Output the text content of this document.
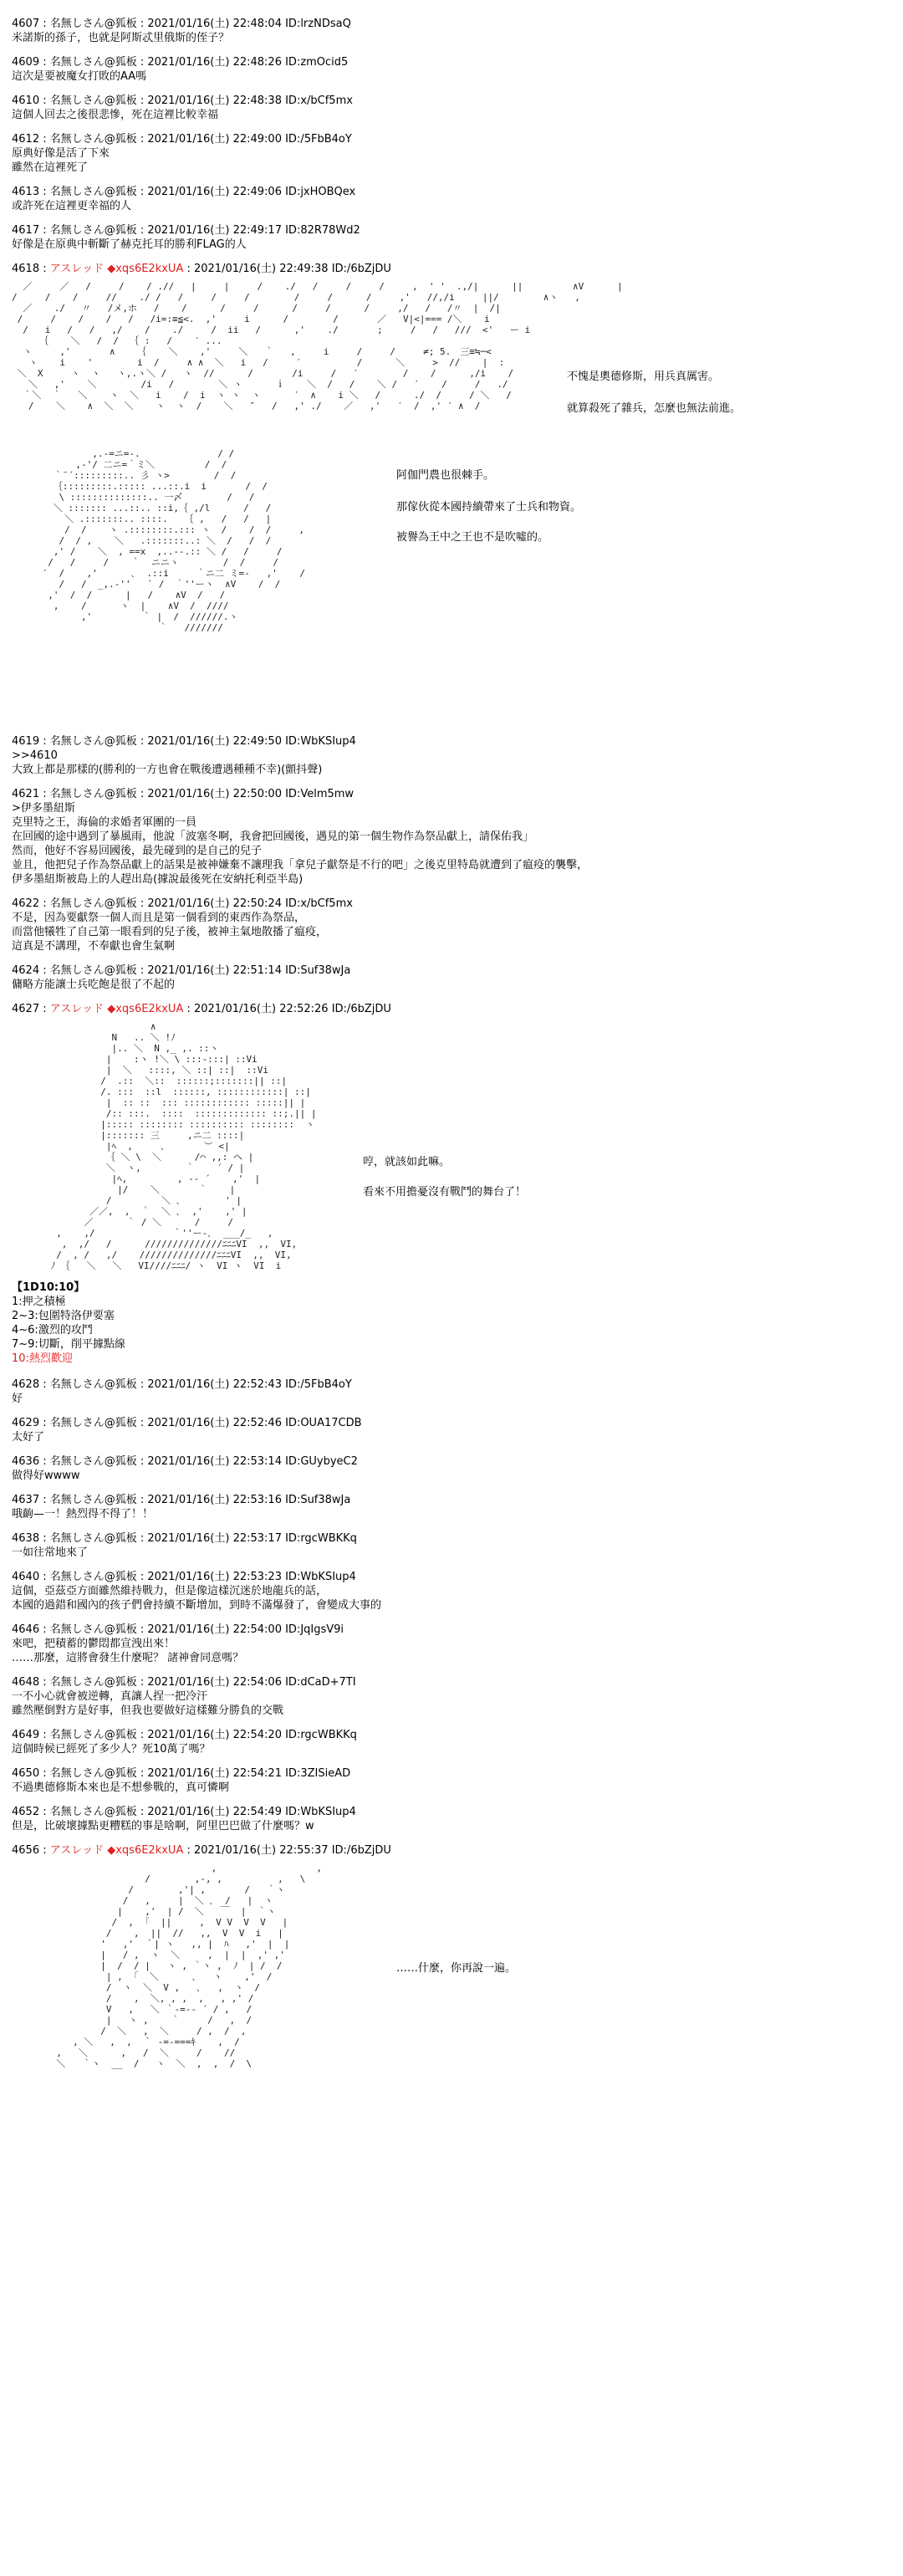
4607 : 名無しさん@狐板 : 2021/01/16(土) 22:48:04 ID:lrzNDsaQ
米諾斯的孫子，也就是阿斯忒里俄斯的侄子？
4609 : 名無しさん@狐板 : 2021/01/16(土) 22:48:26 ID:zmOcid5
這次是要被魔女打敗的AA嗎
4610 : 名無しさん@狐板 : 2021/01/16(土) 22:48:38 ID:x/bCf5mx
這個人回去之後很悲慘，死在這裡比較幸福
4612 : 名無しさん@狐板 : 2021/01/16(土) 22:49:00 ID:/5FbB4oY
原典好像是活了下來
雖然在這裡死了
4613 : 名無しさん@狐板 : 2021/01/16(土) 22:49:06 ID:jxHOBQex
或許死在這裡更幸福的人
4617 : 名無しさん@狐板 : 2021/01/16(土) 22:49:17 ID:82R78Wd2
好像是在原典中斬斷了赫克托耳的勝利FLAG的人
4618 : アスレッド ◆xqs6E2kxUA : 2021/01/16(土) 22:49:38 ID:/6bZjDU
／     ／   /     /    / .//   |     |     /    ./   /     /     /     ,  ' '  .,/|      ||         ∧V      |
/     /    /     //    ./ /   /     /     /        /     /      /     ,'   //,/i     ||/        ∧ヽ   ,
／    ./   〃   /メ,ホ   /    /      /     /      /     /      /     ,/   /   /〃  |  /|
/     /    /    /   /   /i=:≡≦<.  ,'     i      /        /       ／   V|<|=== /＼    i
/   i   /   /   ,/    /    ./     /  ii   /      ,'    ./       ;     /   /   ///  <'   ー i
｛    ＼   /  /  ｛ :   /    ′ ...
ヽ     ,'       ∧    ｛    ＼    ,'     ＼   ｀   ,     i     /     /     ≠; 5.　三≡≒─<
ヽ    i    '        i  /     ∧ ∧  ＼   i   /     ′          /      ＼     >  //    |  :
＼  X     ヽ  ヽ   ヽ,.ヽ＼ /   ヽ  //      /       /i     /   ′        /    /      ,/i    /
＼   ,'    ＼        /i   /        ＼ ヽ      ｉ    ＼  /   /    ＼ /   ′    /     /   ./
｀＼  ｀   ＼    ヽ  ＼   i    /  i  ヽ ヽ  ヽ      ′  ∧    i ＼   /      ./  /     / ＼   /
/    ＼    ∧  ＼  ＼    ヽ  ヽ  /    ＼   ″   /   ,' ./    ／   ,'   ′  /  ,' ′ ∧  /
不愧是奧德修斯，用兵真厲害。
就算殺死了雜兵，怎麼也無法前進。
,.-=ニ=-.              / /
,-'/ 二ニ=｀ミ＼         /  /
｀¨´:::::::::.. 彡 ヽ>        /  /
｛:::::::::.::::: ...::.i  i       /  /
\ ::::::::::::::.. 一〆        /   /
＼ ::::::: ...::.. ::i,｛ ,/l      /   /
＼ .:::::::.. ::::.   ｛ ,   /   /   |
/  /    ヽ .::::::::.::: ヽ  /    /  /     ,
/  / ,    ＼   .:::::::..: ＼  /   /  /
,' /    ＼  , ==x  ,..--.:: ＼ /   /     /
/   /     /    ｀  ニニヽ        /  /     /
′  /    ,'      ､  .::i     ｀ニ二 ミ=-   ,'    /
/   /  _,.-''   ` /  ｀''ーヽ  ∧V    /  /
,'  /  /      |   /    ∧V  /   /
,    /      ヽ  |    ∧V  /  ////
,'         ｀ |  /  //////.ヽ
｀   ///////
阿伽門農也很棘手。
那傢伙從本國持續帶來了士兵和物資。
被譽為王中之王也不是吹噓的。
4619 : 名無しさん@狐板 : 2021/01/16(土) 22:49:50 ID:WbKSIup4
>>4610
大致上都是那樣的(勝利的一方也會在戰後遭遇種種不幸)(顫抖聲)
4621 : 名無しさん@狐板 : 2021/01/16(土) 22:50:00 ID:Velm5mw
>伊多墨紐斯
克里特之王，海倫的求婚者軍團的一員
在回國的途中遇到了暴風雨，他說「波塞冬啊，我會把回國後，遇見的第一個生物作為祭品獻上，請保佑我」
然而，他好不容易回國後，最先碰到的是自己的兒子
並且，他把兒子作為祭品獻上的話果是被神嫌棄不讓理我「拿兒子獻祭是不行的吧」之後克里特島就遭到了瘟疫的襲擊，
伊多墨紐斯被島上的人趕出島(據說最後死在安納托利亞半島)
4622 : 名無しさん@狐板 : 2021/01/16(土) 22:50:24 ID:x/bCf5mx
不是，因為要獻祭一個人而且是第一個看到的東西作為祭品，
而當他犧牲了自己第一眼看到的兒子後，被神主氣地散播了瘟疫，
這真是不講理，不奉獻也會生氣啊
4624 : 名無しさん@狐板 : 2021/01/16(土) 22:51:14 ID:Suf38wJa
傭略方能讓士兵吃飽是很了不起的
4627 : アスレッド ◆xqs6E2kxUA : 2021/01/16(土) 22:52:26 ID:/6bZjDU
∧
N   .. ＼ !ﾉ
|.. ＼  N ,_ ,. ::ヽ
|    :ヽ !＼ \ :::-:::| ::Vi
|  ＼   ::::, ＼ ::| ::|  ::Vi
/  .::  ＼::  ::::::;:::::::|| ::|
/. :::  ::l  ::::::, ::::::::::::| ::|
|  :: ::  ::: :::::::::::: :::::|| |
/:: :::.  ::::  ::::::::::::: ::;.|| |
|::::: :::::::: :::::::::: ::::::::  ヽ
|::::::: 三     ,ニ二 ::::|
|ﾍ  ,     ､       ︶ <|
｛ ＼ \  ＼      /⌒ ,,: ヘ |
＼  ヽ,        ｀    ´ / |
|ﾍ,         , -- ´    ,'  |
|/    ＼       ｀    |
/         ＼ ､        ' |
／／,  ,  ｀  ＼ ､  ,'    ,' |
／      ｀ / ＼      /     /
,    ,/              ｀''ー-､  ___/_   ,
,  ,/   /      //////////////ﾆﾆﾆVI  ,,  VI,
/  , /   ,/    //////////////ﾆﾆﾆVI  ,,  VI,
ﾉ ｛   ＼   ＼   VI////ﾆﾆﾆ/ ヽ  VI ヽ  VI  i
哼，就該如此嘛。
看來不用擔憂沒有戰鬥的舞台了！
【1D10:10】
1:押之積極
2~3:包圍特洛伊要塞
4~6:激烈的攻鬥
7~9:切斷，削平據點線
10:熱烈歡迎
4628 : 名無しさん@狐板 : 2021/01/16(土) 22:52:43 ID:/5FbB4oY
好
4629 : 名無しさん@狐板 : 2021/01/16(土) 22:52:46 ID:OUA17CDB
太好了
4636 : 名無しさん@狐板 : 2021/01/16(土) 22:53:14 ID:GUybyeC2
做得好wwww
4637 : 名無しさん@狐板 : 2021/01/16(土) 22:53:16 ID:Suf38wJa
哦齣—一！熱烈得不得了！！
4638 : 名無しさん@狐板 : 2021/01/16(土) 22:53:17 ID:rgcWBKKq
一如往常地來了
4640 : 名無しさん@狐板 : 2021/01/16(土) 22:53:23 ID:WbKSIup4
這個，亞茲亞方面雖然維持戰力，但是像這樣沉迷於地龍兵的話，
本國的過錯和國內的孩子們會持續不斷增加，到時不滿爆發了，會變成大事的
4646 : 名無しさん@狐板 : 2021/01/16(土) 22:54:00 ID:JqIgsV9i
來吧，把積蓄的鬱悶都宣洩出來！
……那麼，這將會發生什麼呢？ 諸神會同意嗎？
4648 : 名無しさん@狐板 : 2021/01/16(土) 22:54:06 ID:dCaD+7TI
一不小心就會被逆轉，真讓人捏一把冷汗
雖然壓倒對方是好事，但我也要做好這樣難分勝負的交戰
4649 : 名無しさん@狐板 : 2021/01/16(土) 22:54:20 ID:rgcWBKKq
這個時候已經死了多少人？死10萬了嗎？
4650 : 名無しさん@狐板 : 2021/01/16(土) 22:54:21 ID:3ZISieAD
不過奧德修斯本來也是不想參戰的，真可憐啊
4652 : 名無しさん@狐板 : 2021/01/16(土) 22:54:49 ID:WbKSIup4
但是，比破壞據點更糟糕的事是啥啊，阿里巴巴做了什麼嗎？w
4656 : アスレッド ◆xqs6E2kxUA : 2021/01/16(土) 22:55:37 ID:/6bZjDU
,                  ,
/        ,-, ,          ,   \
/        ,'| ,       /   ｀ヽ
/   ,     |  ＼ ､  /   |  ヽ
|    ,'  | /  ＼   ￣  |  ｀ヽ
/  ,  ｢  ||     ,  V V  V  V   |
/    ,  ||  //   ,,  V  V  i   |
'   ,'  ｀| ヽ   ,, |  ﾊ   ,'  |  |
|   / ,  ヽ  ＼     ,  |  |  ,' ,'
|  /  / |   ヽ , ｀ヽ ,  ﾉ  | /  /
| ,  ｢  ＼      ､   ヽ    ,'  /
/  ヽ  ＼  V ,   ､   ,  ヽ  /
/    ,  ＼, , ,  ,   , ,' /
V   ,   ＼ ｀-=-‐ ´ / ,   /
|   ヽ ,    ｀     /   ,  /
/  ＼   ,  ＼     / ,  /  ,
, ＼   ,  ,  ｀ -=-===ｷ    ,  /
,   ＼      ,   /  ＼     /    //
＼   ｀ヽ  __  /   ヽ  ＼  ,  ,  /  \
……什麼，你再說一遍。
